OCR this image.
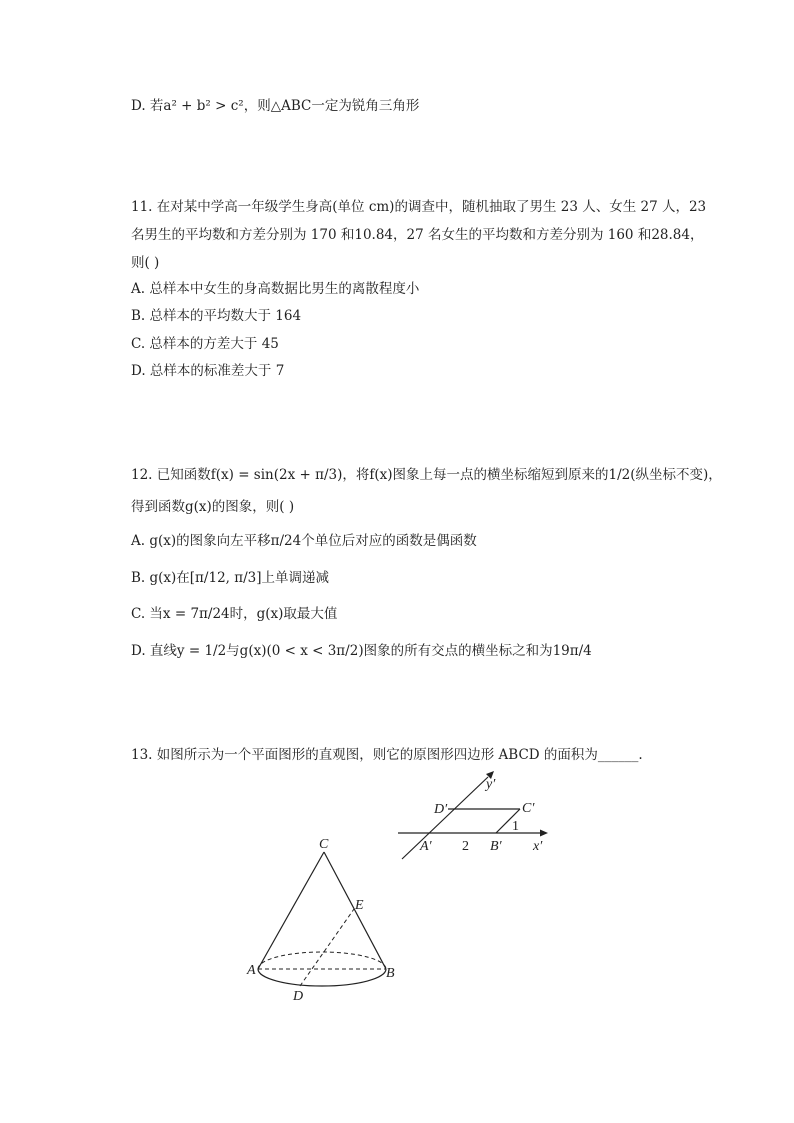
D. 若a² + b² > c²，则△ABC一定为锐角三角形
11. 在对某中学高一年级学生身高(单位 cm)的调查中，随机抽取了男生 23 人、女生 27 人，23
名男生的平均数和方差分别为 170 和10.84，27 名女生的平均数和方差分别为 160 和28.84，
则( )
A. 总样本中女生的身高数据比男生的离散程度小
B. 总样本的平均数大于 164
C. 总样本的方差大于 45
D. 总样本的标准差大于 7
12. 已知函数f(x) = sin(2x + π/3)，将f(x)图象上每一点的横坐标缩短到原来的1/2(纵坐标不变)，
得到函数g(x)的图象，则( )
A. g(x)的图象向左平移π/24个单位后对应的函数是偶函数
B. g(x)在[π/12, π/3]上单调递减
C. 当x = 7π/24时，g(x)取最大值
D. 直线y = 1/2与g(x)(0 < x < 3π/2)图象的所有交点的横坐标之和为19π/4
13. 如图所示为一个平面图形的直观图，则它的原图形四边形 ABCD 的面积为______.
y′
D′	C′
1
A′ 2 B′ x′
C
E
A	B
D
